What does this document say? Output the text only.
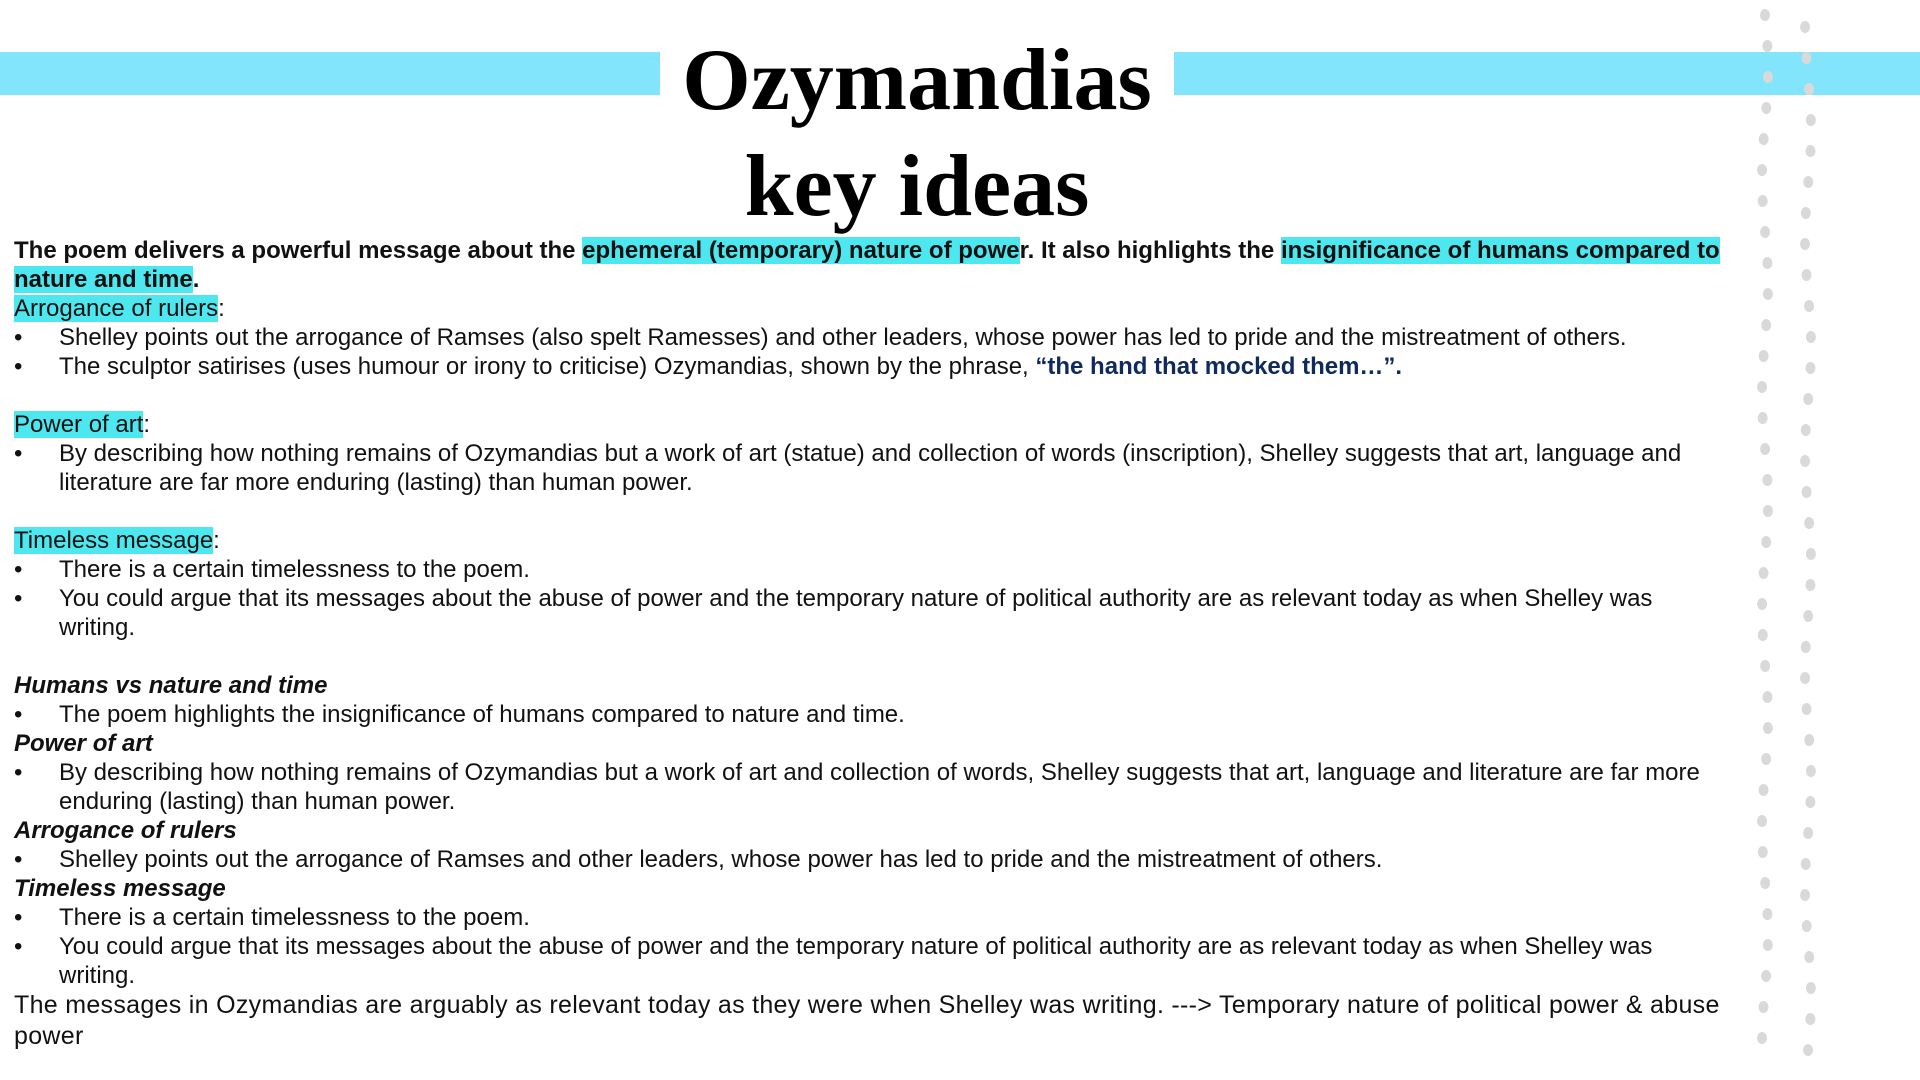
Ozymandias
key ideas

The poem delivers a powerful message about the ephemeral (temporary) nature of power. It also highlights the insignificance of humans compared to nature and time.

Arrogance of rulers:

• Shelley points out the arrogance of Ramses (also spelt Ramesses) and other leaders, whose power has led to pride and the mistreatment of others.
• The sculptor satirises (uses humour or irony to criticise) Ozymandias, shown by the phrase, “the hand that mocked them…”.

Power of art:

• By describing how nothing remains of Ozymandias but a work of art (statue) and collection of words (inscription), Shelley suggests that art, language and literature are far more enduring (lasting) than human power.

Timeless message:

• There is a certain timelessness to the poem.
• You could argue that its messages about the abuse of power and the temporary nature of political authority are as relevant today as when Shelley was writing.

Humans vs nature and time

• The poem highlights the insignificance of humans compared to nature and time.

Power of art

• By describing how nothing remains of Ozymandias but a work of art and collection of words, Shelley suggests that art, language and literature are far more enduring (lasting) than human power.

Arrogance of rulers

• Shelley points out the arrogance of Ramses and other leaders, whose power has led to pride and the mistreatment of others.

Timeless message

• There is a certain timelessness to the poem.
• You could argue that its messages about the abuse of power and the temporary nature of political authority are as relevant today as when Shelley was writing.

The messages in Ozymandias are arguably as relevant today as they were when Shelley was writing. ---> Temporary nature of political power & abuse power
